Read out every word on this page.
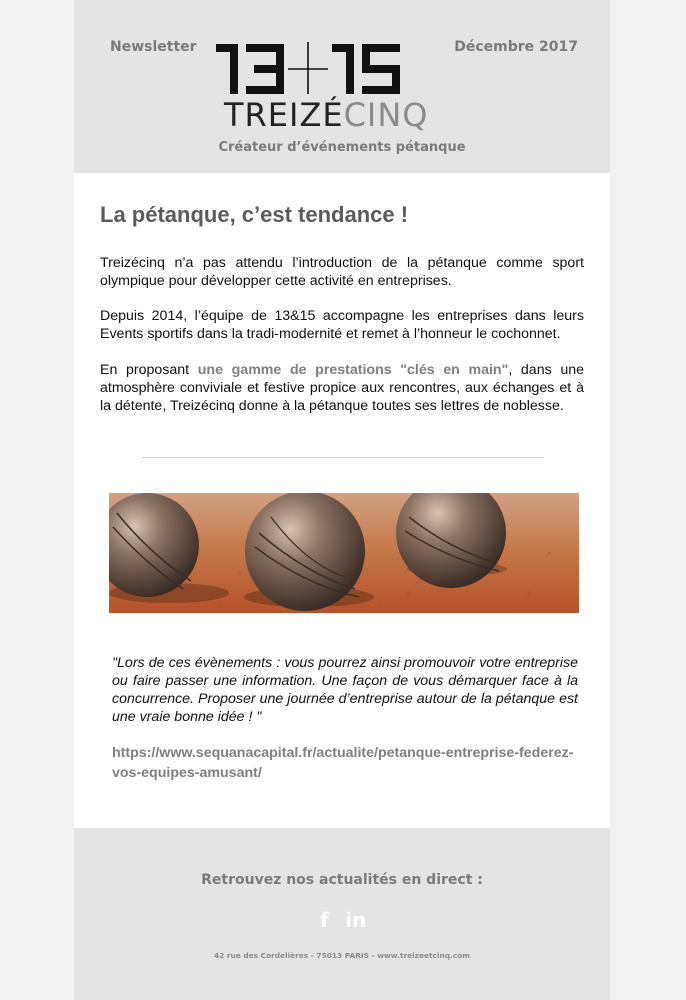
Newsletter	Décembre 2017
TREIZÉCINQ
Créateur d’événements pétanque
La pétanque, c’est tendance !
Treizécinq n’a pas attendu l’introduction de la pétanque comme sport olympique pour développer cette activité en entreprises.
Depuis 2014, l’équipe de 13&15 accompagne les entreprises dans leurs Events sportifs dans la tradi-modernité et remet à l’honneur le cochonnet.
En proposant une gamme de prestations "clés en main", dans une atmosphère conviviale et festive propice aux rencontres, aux échanges et à la détente, Treizécinq donne à la pétanque toutes ses lettres de noblesse.
"Lors de ces évènements : vous pourrez ainsi promouvoir votre entreprise ou faire passer une information. Une façon de vous démarquer face à la concurrence. Proposer une journée d’entreprise autour de la pétanque est une vraie bonne idée ! "
https://www.sequanacapital.fr/actualite/petanque-entreprise-federez-vos-equipes-amusant/
Retrouvez nos actualités en direct :
f in
42 rue des Cordelières - 75013 PARIS - www.treizeetcinq.com
